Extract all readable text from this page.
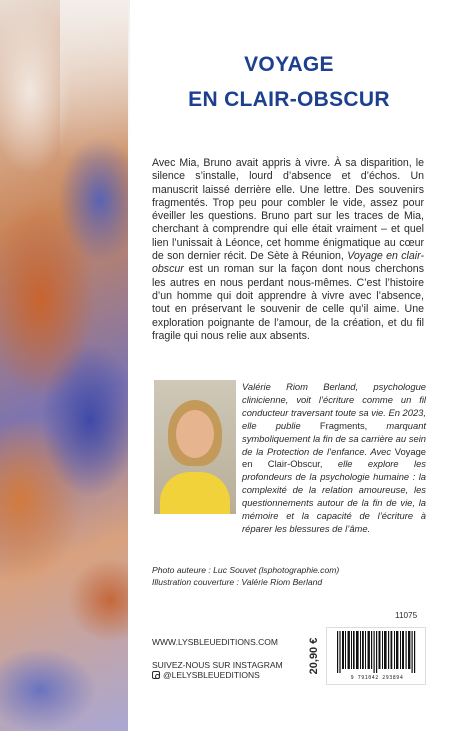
VOYAGE
EN CLAIR-OBSCUR

Avec Mia, Bruno avait appris à vivre. À sa disparition, le silence s’installe, lourd d’absence et d’échos. Un manuscrit laissé derrière elle. Une lettre. Des souvenirs fragmentés. Trop peu pour combler le vide, assez pour éveiller les questions. Bruno part sur les traces de Mia, cherchant à comprendre qui elle était vraiment – et quel lien l’unissait à Léonce, cet homme énigmatique au cœur de son dernier récit. De Sète à Réunion, Voyage en clair-obscur est un roman sur la façon dont nous cherchons les autres en nous perdant nous-mêmes. C’est l’histoire d’un homme qui doit apprendre à vivre avec l’absence, tout en préservant le souvenir de celle qu’il aime. Une exploration poignante de l’amour, de la création, et du fil fragile qui nous relie aux absents.

Valérie Riom Berland, psychologue clinicienne, voit l’écriture comme un fil conducteur traversant toute sa vie. En 2023, elle publie Fragments, marquant symboliquement la fin de sa carrière au sein de la Protection de l’enfance. Avec Voyage en Clair-Obscur, elle explore les profondeurs de la psychologie humaine : la complexité de la relation amoureuse, les questionnements autour de la fin de vie, la mémoire et la capacité de l’écriture à réparer les blessures de l’âme.

Photo auteure : Luc Souvet (lsphotographie.com)
Illustration couverture : Valérie Riom Berland
11075
WWW.LYSBLEUEDITIONS.COM
SUIVEZ-NOUS SUR INSTAGRAM
@LELYSBLEUEDITIONS
20,90 €
9 791042 293894
